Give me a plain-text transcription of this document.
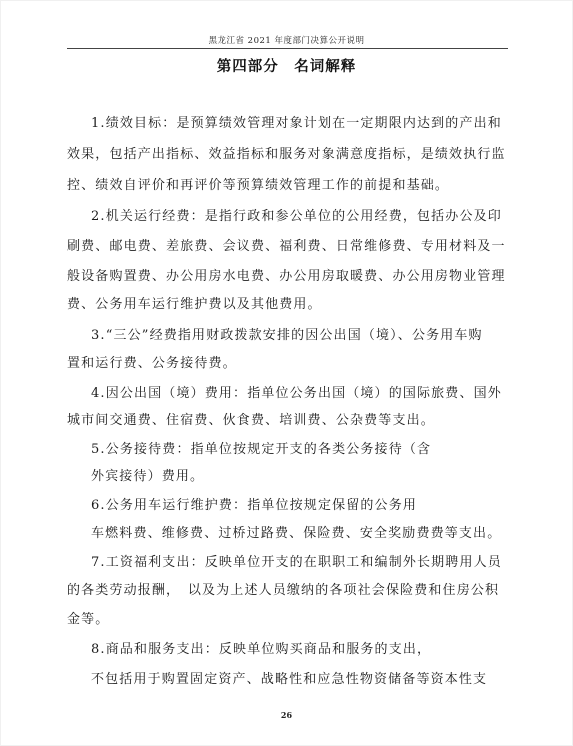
黑龙江省 2021 年度部门决算公开说明
第四部分　名词解释
1.绩效目标：是预算绩效管理对象计划在一定期限内达到的产出和
效果，包括产出指标、效益指标和服务对象满意度指标，是绩效执行监
控、绩效自评价和再评价等预算绩效管理工作的前提和基础。
2.机关运行经费：是指行政和参公单位的公用经费，包括办公及印
刷费、邮电费、差旅费、会议费、福利费、日常维修费、专用材料及一
般设备购置费、办公用房水电费、办公用房取暖费、办公用房物业管理
费、公务用车运行维护费以及其他费用。
3.“三公”经费指用财政拨款安排的因公出国（境）、公务用车购
置和运行费、公务接待费。
4.因公出国（境）费用：指单位公务出国（境）的国际旅费、国外
城市间交通费、住宿费、伙食费、培训费、公杂费等支出。
5.公务接待费：指单位按规定开支的各类公务接待（含
外宾接待）费用。
6.公务用车运行维护费：指单位按规定保留的公务用
车燃料费、维修费、过桥过路费、保险费、安全奖励费费等支出。
7.工资福利支出：反映单位开支的在职职工和编制外长期聘用人员
的各类劳动报酬，　以及为上述人员缴纳的各项社会保险费和住房公积
金等。
8.商品和服务支出：反映单位购买商品和服务的支出，
不包括用于购置固定资产、战略性和应急性物资储备等资本性支
26
